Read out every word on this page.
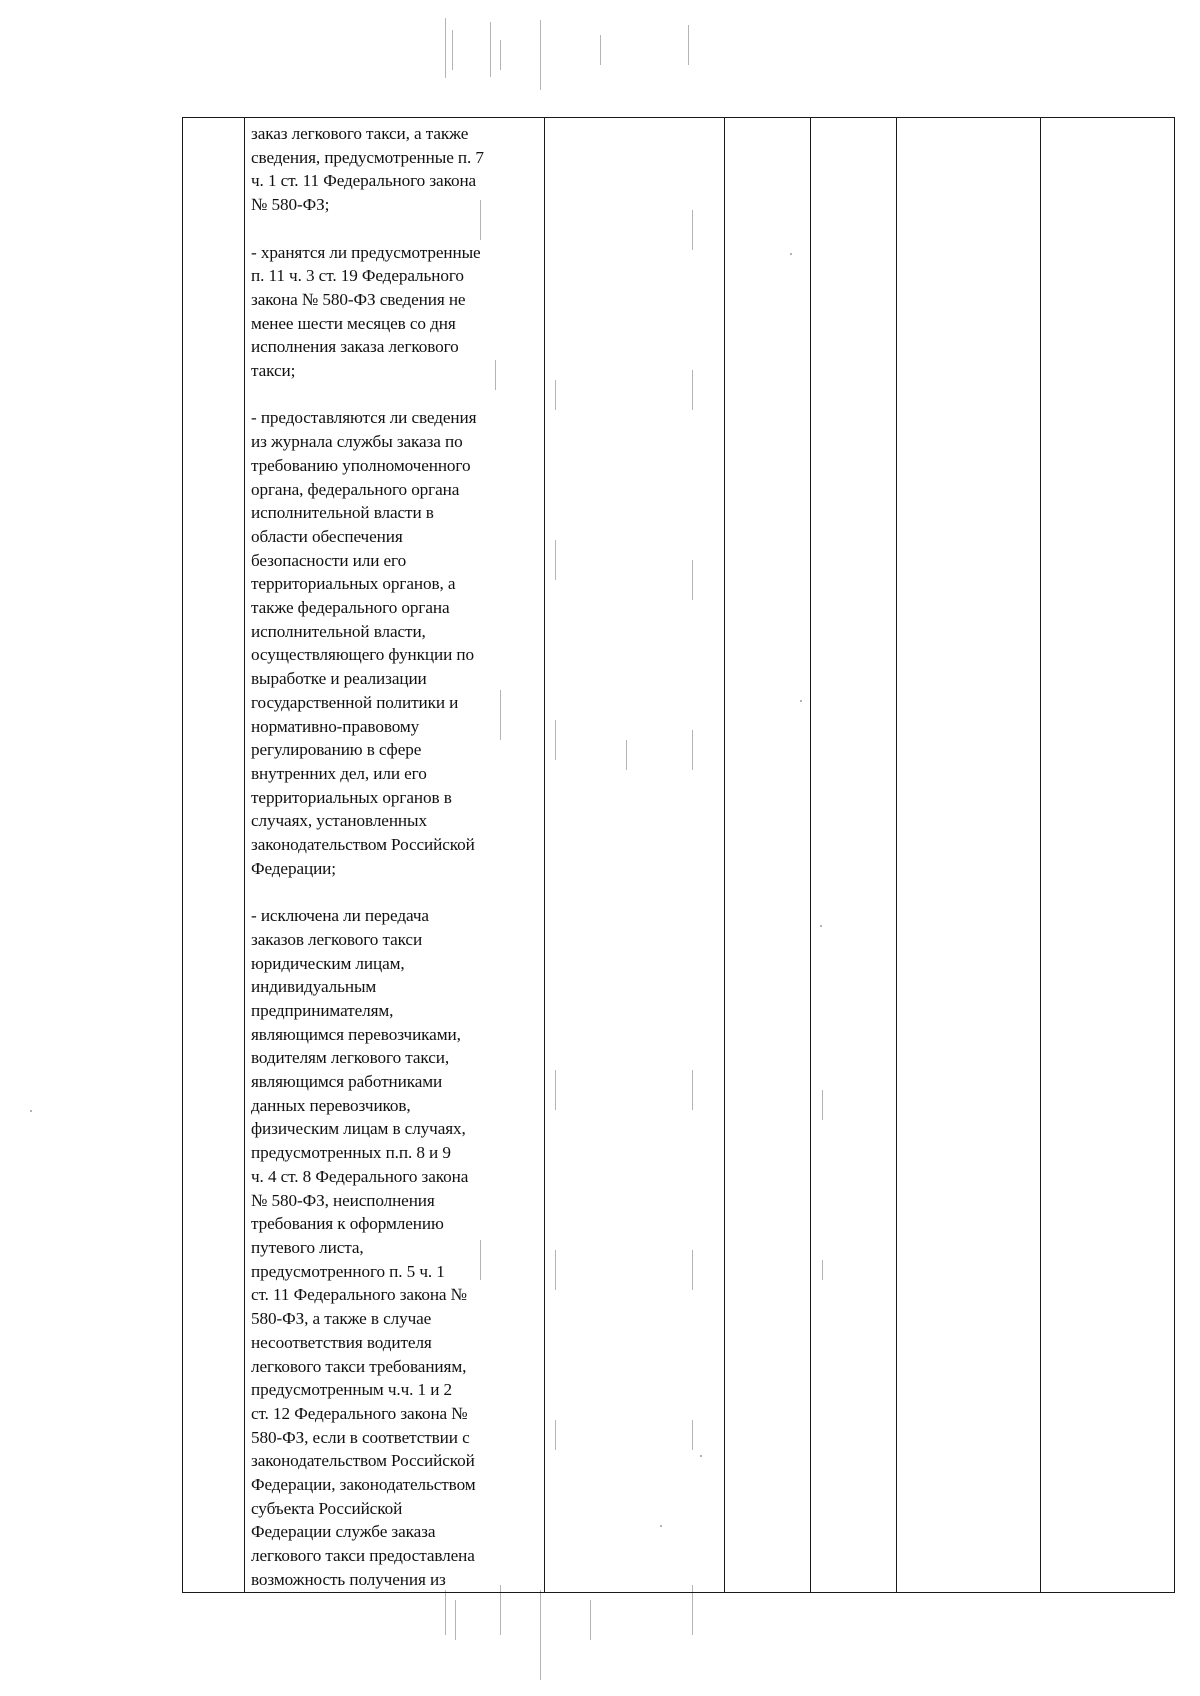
заказ легкового такси, а также
сведения, предусмотренные п. 7
ч. 1 ст. 11 Федерального закона
№ 580-ФЗ;

- хранятся ли предусмотренные
п. 11 ч. 3 ст. 19 Федерального
закона № 580-ФЗ сведения не
менее шести месяцев со дня
исполнения заказа легкового
такси;

- предоставляются ли сведения
из журнала службы заказа по
требованию уполномоченного
органа, федерального органа
исполнительной власти в
области обеспечения
безопасности или его
территориальных органов, а
также федерального органа
исполнительной власти,
осуществляющего функции по
выработке и реализации
государственной политики и
нормативно-правовому
регулированию в сфере
внутренних дел, или его
территориальных органов в
случаях, установленных
законодательством Российской
Федерации;

- исключена ли передача
заказов легкового такси
юридическим лицам,
индивидуальным
предпринимателям,
являющимся перевозчиками,
водителям легкового такси,
являющимся работниками
данных перевозчиков,
физическим лицам в случаях,
предусмотренных п.п. 8 и 9
ч. 4 ст. 8 Федерального закона
№ 580-ФЗ, неисполнения
требования к оформлению
путевого листа,
предусмотренного п. 5 ч. 1
ст. 11 Федерального закона №
580-ФЗ, а также в случае
несоответствия водителя
легкового такси требованиям,
предусмотренным ч.ч. 1 и 2
ст. 12 Федерального закона №
580-ФЗ, если в соответствии с
законодательством Российской
Федерации, законодательством
субъекта Российской
Федерации службе заказа
легкового такси предоставлена
возможность получения из
